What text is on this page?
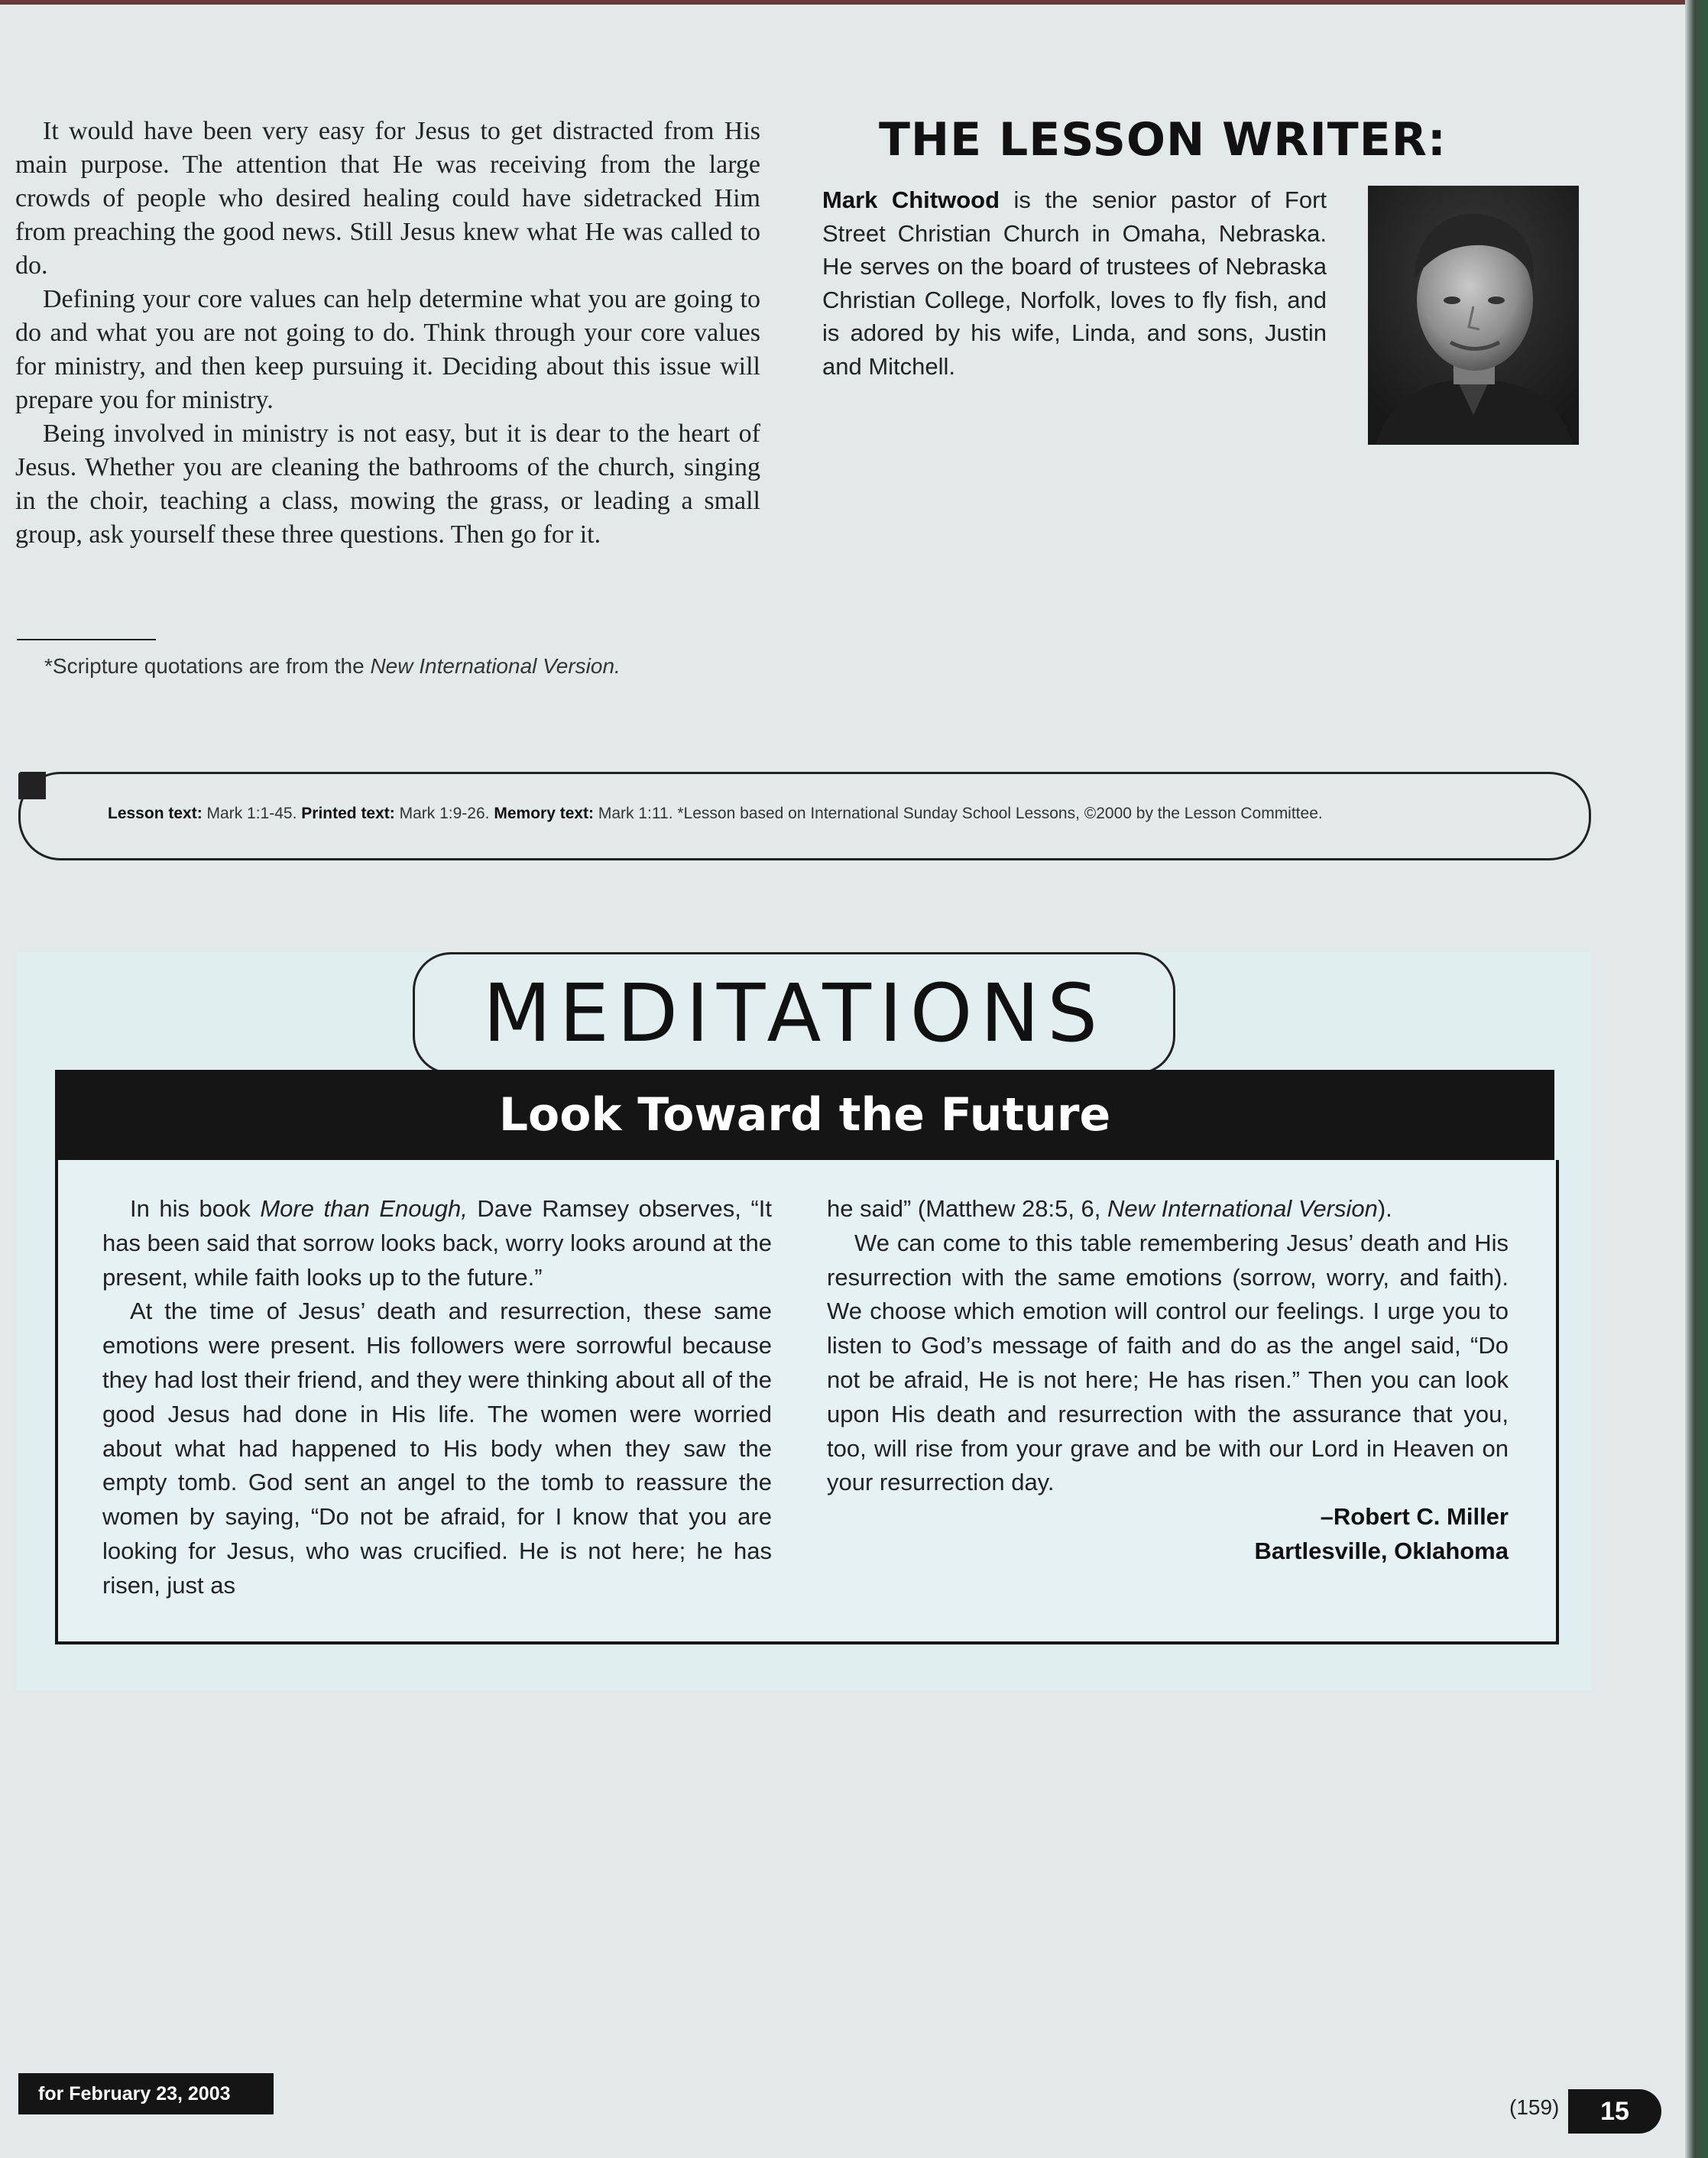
It would have been very easy for Jesus to get distracted from His main purpose. The attention that He was receiving from the large crowds of people who desired healing could have sidetracked Him from preaching the good news. Still Jesus knew what He was called to do.

Defining your core values can help determine what you are going to do and what you are not going to do. Think through your core values for ministry, and then keep pursuing it. Deciding about this issue will prepare you for ministry.

Being involved in ministry is not easy, but it is dear to the heart of Jesus. Whether you are cleaning the bathrooms of the church, singing in the choir, teaching a class, mowing the grass, or leading a small group, ask yourself these three questions. Then go for it.

*Scripture quotations are from the New International Version.
THE LESSON WRITER:
Mark Chitwood is the senior pastor of Fort Street Christian Church in Omaha, Nebraska. He serves on the board of trustees of Nebraska Christian College, Norfolk, loves to fly fish, and is adored by his wife, Linda, and sons, Justin and Mitchell.
Lesson text: Mark 1:1-45. Printed text: Mark 1:9-26. Memory text: Mark 1:11. *Lesson based on International Sunday School Lessons, ©2000 by the Lesson Committee.
MEDITATIONS
Look Toward the Future

In his book More than Enough, Dave Ramsey observes, “It has been said that sorrow looks back, worry looks around at the present, while faith looks up to the future.”

At the time of Jesus’ death and resurrection, these same emotions were present. His followers were sorrowful because they had lost their friend, and they were thinking about all of the good Jesus had done in His life. The women were worried about what had happened to His body when they saw the empty tomb. God sent an angel to the tomb to reassure the women by saying, “Do not be afraid, for I know that you are looking for Jesus, who was crucified. He is not here; he has risen, just as

he said” (Matthew 28:5, 6, New International Version).

We can come to this table remembering Jesus’ death and His resurrection with the same emotions (sorrow, worry, and faith). We choose which emotion will control our feelings. I urge you to listen to God’s message of faith and do as the angel said, “Do not be afraid, He is not here; He has risen.” Then you can look upon His death and resurrection with the assurance that you, too, will rise from your grave and be with our Lord in Heaven on your resurrection day.

–Robert C. Miller

Bartlesville, Oklahoma

for February 23, 2003
(159)	15
